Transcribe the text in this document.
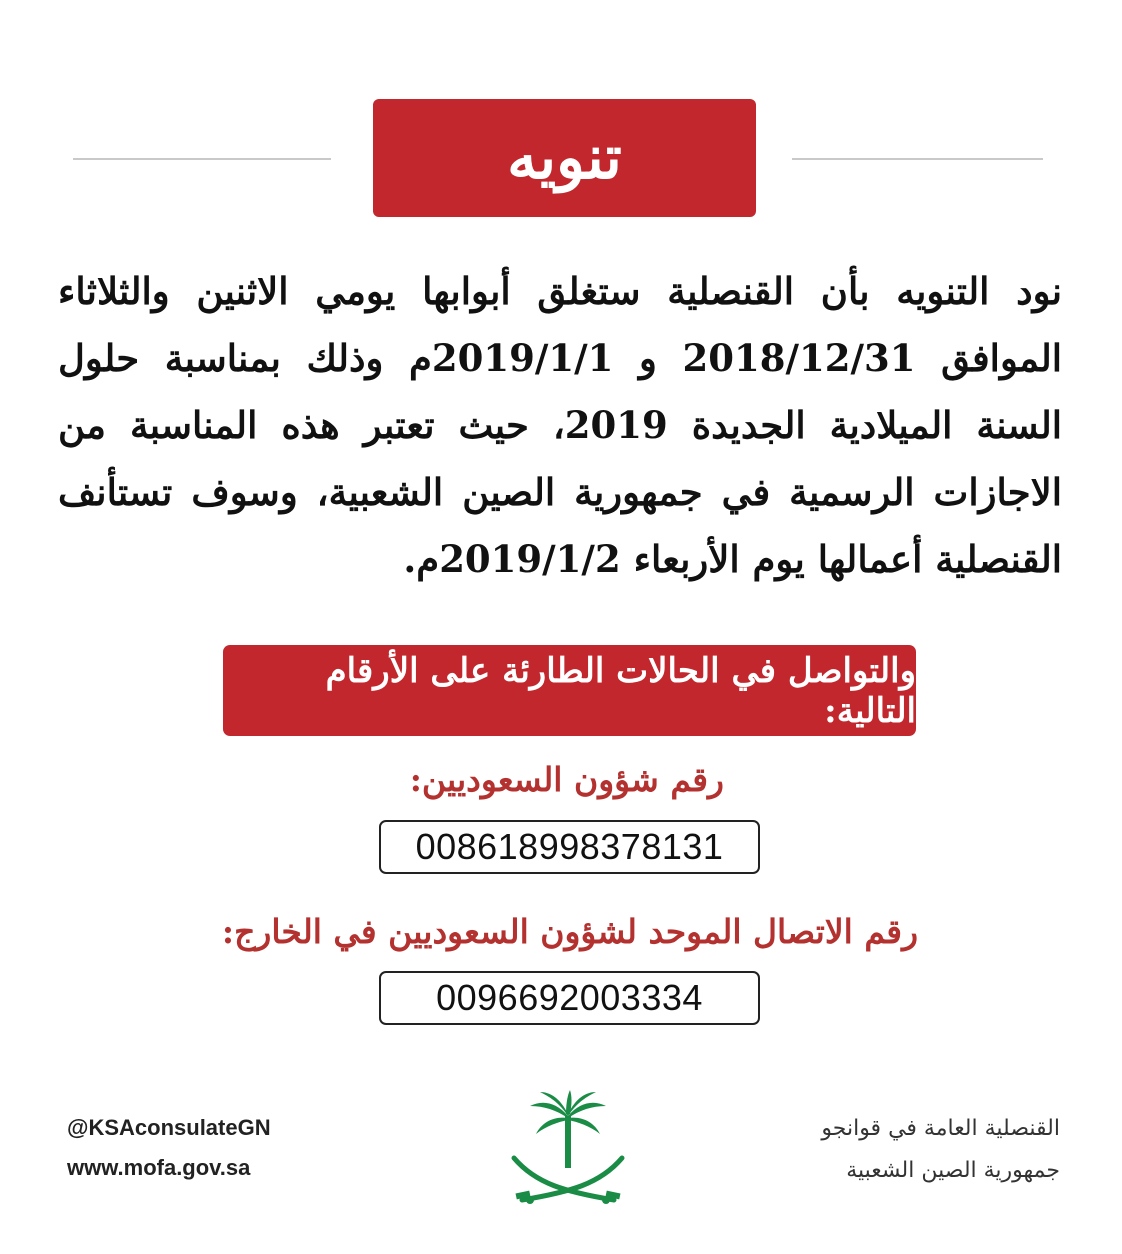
تنويه
نود التنويه بأن القنصلية ستغلق أبوابها يومي الاثنين والثلاثاء الموافق 2018/12/31 و 2019/1/1م وذلك بمناسبة حلول السنة الميلادية الجديدة 2019، حيث تعتبر هذه المناسبة من الاجازات الرسمية في جمهورية الصين الشعبية، وسوف تستأنف القنصلية أعمالها يوم الأربعاء 2019/1/2م.
والتواصل في الحالات الطارئة على الأرقام التالية:
رقم شؤون السعوديين:
008618998378131
رقم الاتصال الموحد لشؤون السعوديين في الخارج:
0096692003334
@KSAconsulateGN
www.mofa.gov.sa
القنصلية العامة في قوانجو
جمهورية الصين الشعبية
